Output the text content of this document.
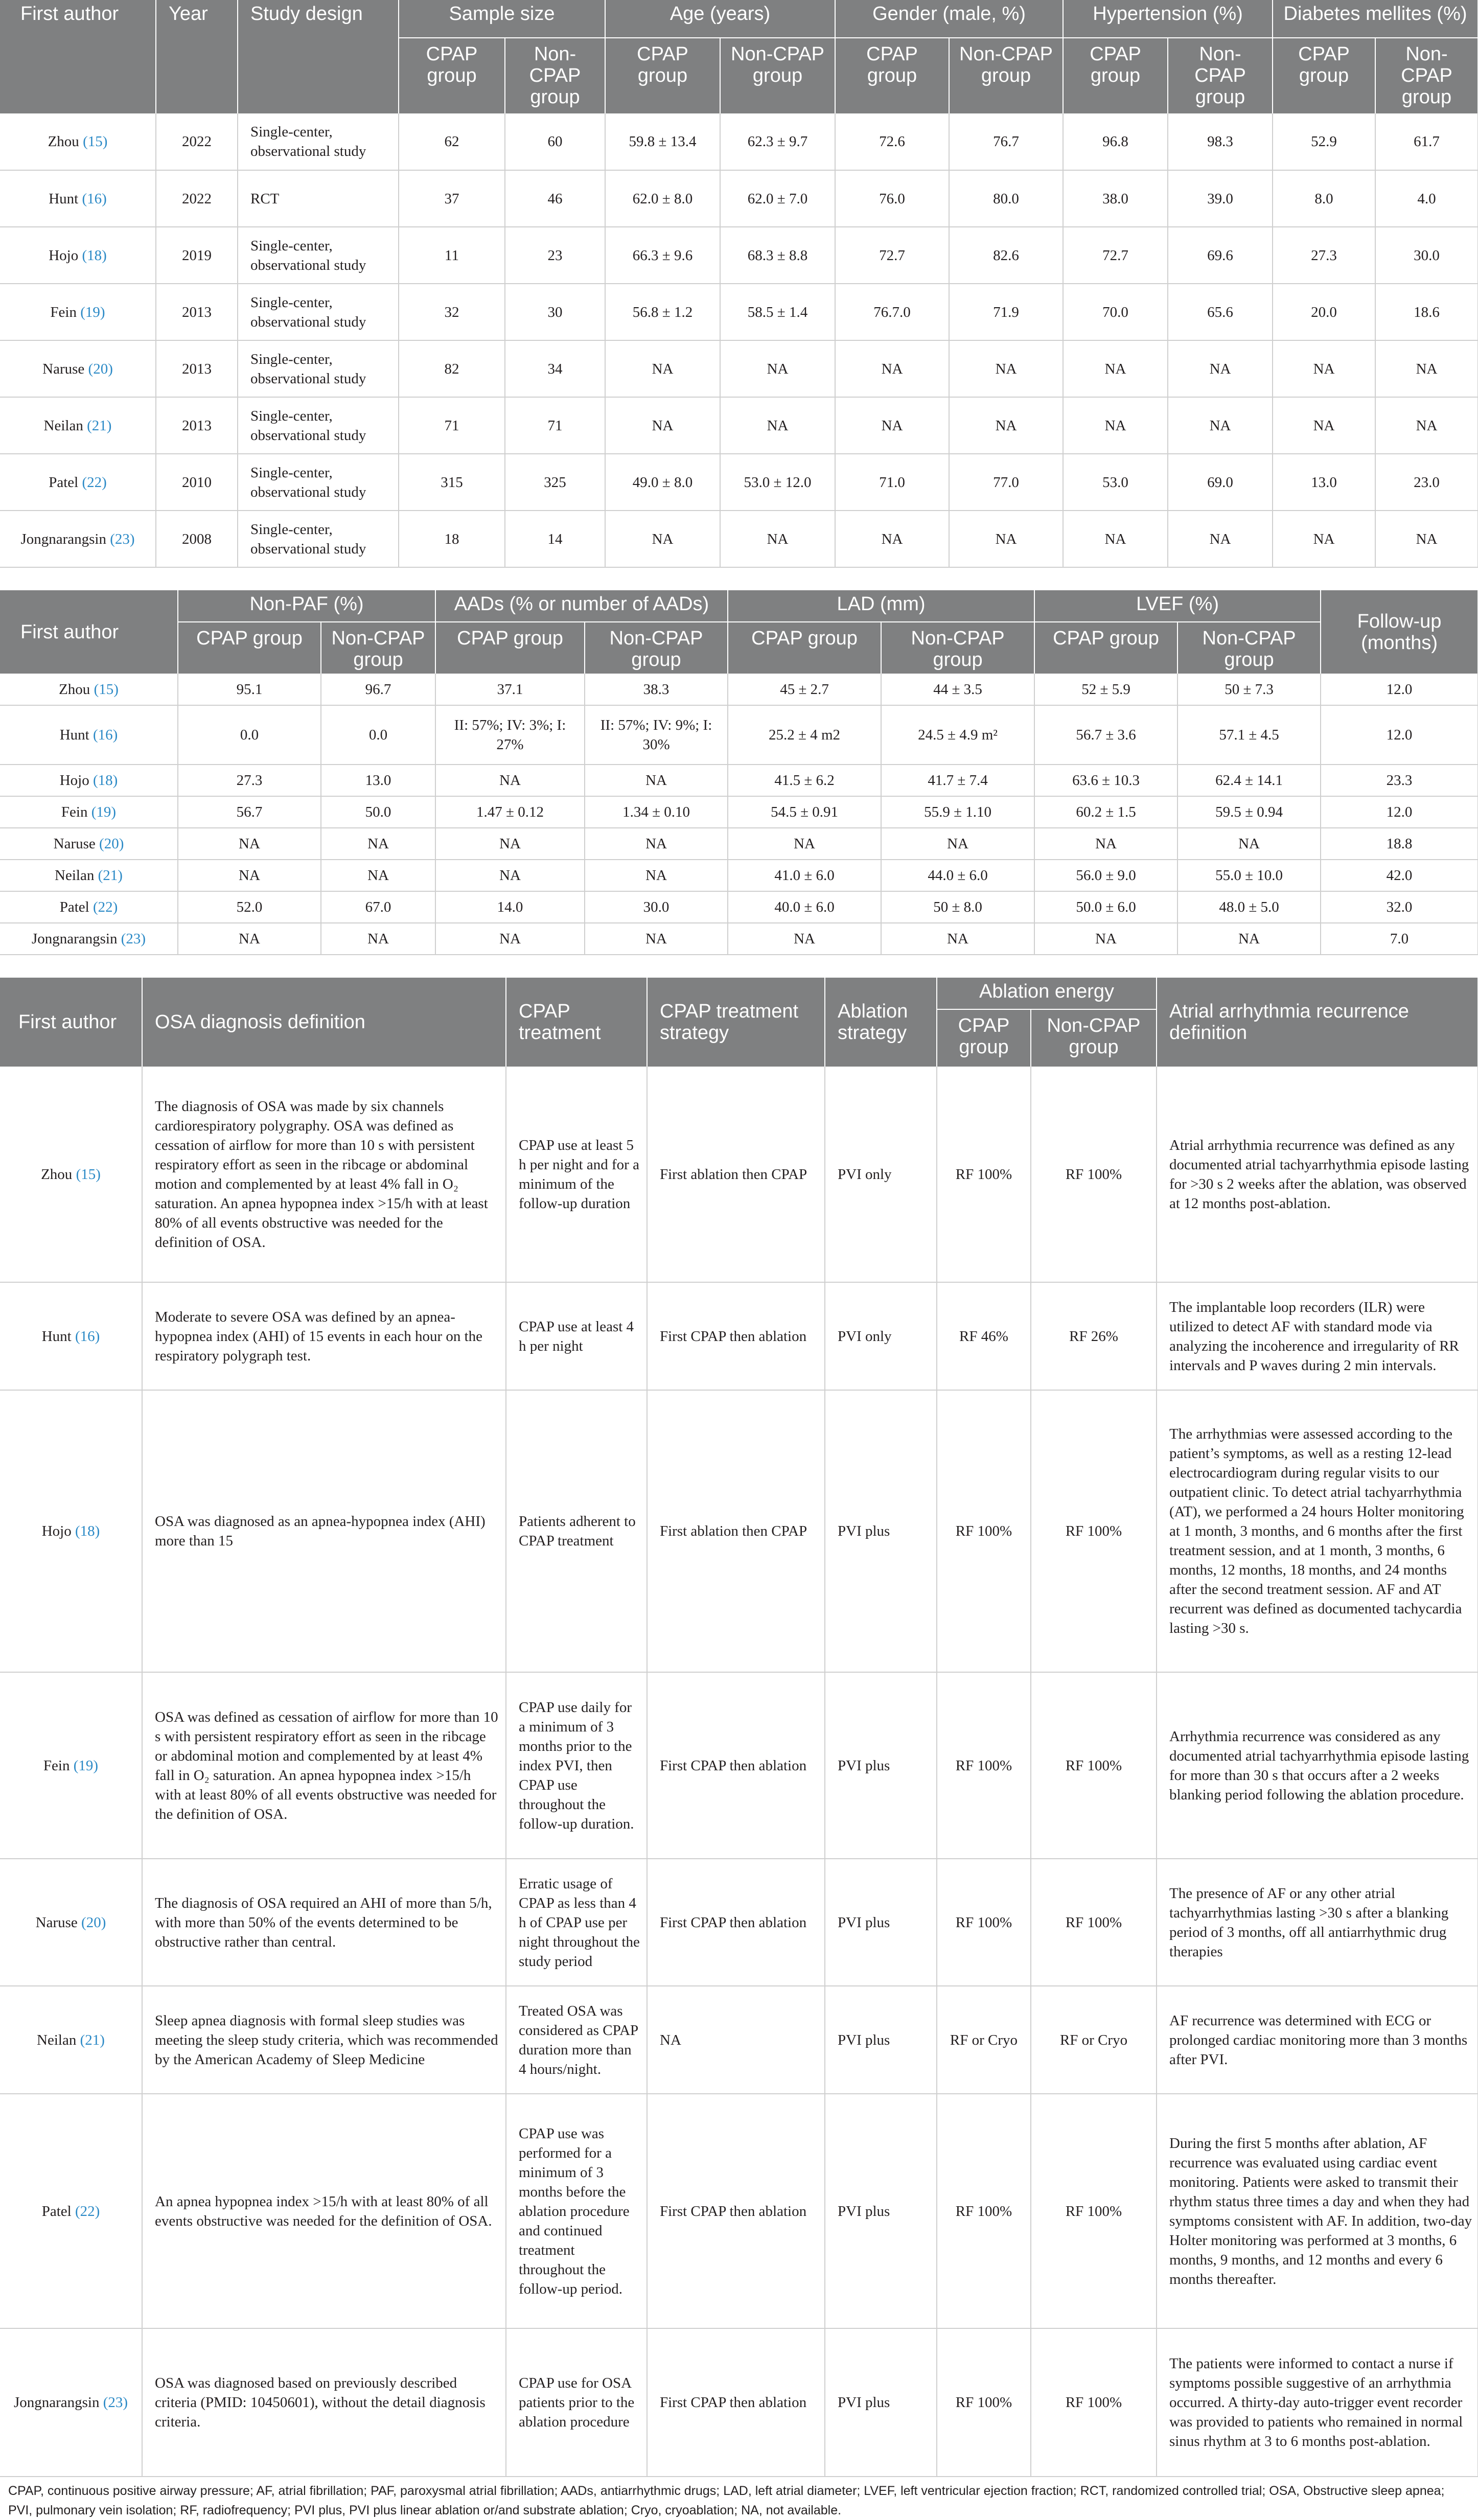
First author	Year	Study design	Sample size		Age (years)		Gender (male, %)		Hypertension (%)		Diabetes mellites (%)	
			CPAP group	Non-CPAP group	CPAP group	Non-CPAP group	CPAP group	Non-CPAP group	CPAP group	Non-CPAP group	CPAP group	Non-CPAP group
Zhou (15)	2022	Single-center, observational study	62	60	59.8 ± 13.4	62.3 ± 9.7	72.6	76.7	96.8	98.3	52.9	61.7
Hunt (16)	2022	RCT	37	46	62.0 ± 8.0	62.0 ± 7.0	76.0	80.0	38.0	39.0	8.0	4.0
Hojo (18)	2019	Single-center, observational study	11	23	66.3 ± 9.6	68.3 ± 8.8	72.7	82.6	72.7	69.6	27.3	30.0
Fein (19)	2013	Single-center, observational study	32	30	56.8 ± 1.2	58.5 ± 1.4	76.7.0	71.9	70.0	65.6	20.0	18.6
Naruse (20)	2013	Single-center, observational study	82	34	NA	NA	NA	NA	NA	NA	NA	NA
Neilan (21)	2013	Single-center, observational study	71	71	NA	NA	NA	NA	NA	NA	NA	NA
Patel (22)	2010	Single-center, observational study	315	325	49.0 ± 8.0	53.0 ± 12.0	71.0	77.0	53.0	69.0	13.0	23.0
Jongnarangsin (23)	2008	Single-center, observational study	18	14	NA	NA	NA	NA	NA	NA	NA	NA
First author	Non-PAF (%)		AADs (% or number of AADs)		LAD (mm)		LVEF (%)		Follow-up (months)
	CPAP group	Non-CPAP group	CPAP group	Non-CPAP group	CPAP group	Non-CPAP group	CPAP group	Non-CPAP group	
Zhou (15)	95.1	96.7	37.1	38.3	45 ± 2.7	44 ± 3.5	52 ± 5.9	50 ± 7.3	12.0
Hunt (16)	0.0	0.0	II: 57%; IV: 3%; I: 27%	II: 57%; IV: 9%; I: 30%	25.2 ± 4 m2	24.5 ± 4.9 m²	56.7 ± 3.6	57.1 ± 4.5	12.0
Hojo (18)	27.3	13.0	NA	NA	41.5 ± 6.2	41.7 ± 7.4	63.6 ± 10.3	62.4 ± 14.1	23.3
Fein (19)	56.7	50.0	1.47 ± 0.12	1.34 ± 0.10	54.5 ± 0.91	55.9 ± 1.10	60.2 ± 1.5	59.5 ± 0.94	12.0
Naruse (20)	NA	NA	NA	NA	NA	NA	NA	NA	18.8
Neilan (21)	NA	NA	NA	NA	41.0 ± 6.0	44.0 ± 6.0	56.0 ± 9.0	55.0 ± 10.0	42.0
Patel (22)	52.0	67.0	14.0	30.0	40.0 ± 6.0	50 ± 8.0	50.0 ± 6.0	48.0 ± 5.0	32.0
Jongnarangsin (23)	NA	NA	NA	NA	NA	NA	NA	NA	7.0
First author	OSA diagnosis definition	CPAP treatment	CPAP treatment strategy	Ablation strategy	Ablation energy		Atrial arrhythmia recurrence definition
					CPAP group	Non-CPAP group	
Zhou (15)	The diagnosis of OSA was made by six channels cardiorespiratory polygraphy. OSA was defined as cessation of airflow for more than 10 s with persistent respiratory effort as seen in the ribcage or abdominal motion and complemented by at least 4% fall in O₂ saturation. An apnea hypopnea index >15/h with at least 80% of all events obstructive was needed for the definition of OSA.	CPAP use at least 5 h per night and for a minimum of the follow-up duration	First ablation then CPAP	PVI only	RF 100%	RF 100%	Atrial arrhythmia recurrence was defined as any documented atrial tachyarrhythmia episode lasting for >30 s 2 weeks after the ablation, was observed at 12 months post-ablation.
Hunt (16)	Moderate to severe OSA was defined by an apnea-hypopnea index (AHI) of 15 events in each hour on the respiratory polygraph test.	CPAP use at least 4 h per night	First CPAP then ablation	PVI only	RF 46%	RF 26%	The implantable loop recorders (ILR) were utilized to detect AF with standard mode via analyzing the incoherence and irregularity of RR intervals and P waves during 2 min intervals.
Hojo (18)	OSA was diagnosed as an apnea-hypopnea index (AHI) more than 15	Patients adherent to CPAP treatment	First ablation then CPAP	PVI plus	RF 100%	RF 100%	The arrhythmias were assessed according to the patient’s symptoms, as well as a resting 12-lead electrocardiogram during regular visits to our outpatient clinic. To detect atrial tachyarrhythmia (AT), we performed a 24 hours Holter monitoring at 1 month, 3 months, and 6 months after the first treatment session, and at 1 month, 3 months, 6 months, 12 months, 18 months, and 24 months after the second treatment session. AF and AT recurrent was defined as documented tachycardia lasting >30 s.
Fein (19)	OSA was defined as cessation of airflow for more than 10 s with persistent respiratory effort as seen in the ribcage or abdominal motion and complemented by at least 4% fall in O₂ saturation. An apnea hypopnea index >15/h with at least 80% of all events obstructive was needed for the definition of OSA.	CPAP use daily for a minimum of 3 months prior to the index PVI, then CPAP use throughout the follow-up duration.	First CPAP then ablation	PVI plus	RF 100%	RF 100%	Arrhythmia recurrence was considered as any documented atrial tachyarrhythmia episode lasting for more than 30 s that occurs after a 2 weeks blanking period following the ablation procedure.
Naruse (20)	The diagnosis of OSA required an AHI of more than 5/h, with more than 50% of the events determined to be obstructive rather than central.	Erratic usage of CPAP as less than 4 h of CPAP use per night throughout the study period	First CPAP then ablation	PVI plus	RF 100%	RF 100%	The presence of AF or any other atrial tachyarrhythmias lasting >30 s after a blanking period of 3 months, off all antiarrhythmic drug therapies
Neilan (21)	Sleep apnea diagnosis with formal sleep studies was meeting the sleep study criteria, which was recommended by the American Academy of Sleep Medicine	Treated OSA was considered as CPAP duration more than 4 hours/night.	NA	PVI plus	RF or Cryo	RF or Cryo	AF recurrence was determined with ECG or prolonged cardiac monitoring more than 3 months after PVI.
Patel (22)	An apnea hypopnea index >15/h with at least 80% of all events obstructive was needed for the definition of OSA.	CPAP use was performed for a minimum of 3 months before the ablation procedure and continued treatment throughout the follow-up period.	First CPAP then ablation	PVI plus	RF 100%	RF 100%	During the first 5 months after ablation, AF recurrence was evaluated using cardiac event monitoring. Patients were asked to transmit their rhythm status three times a day and when they had symptoms consistent with AF. In addition, two-day Holter monitoring was performed at 3 months, 6 months, 9 months, and 12 months and every 6 months thereafter.
Jongnarangsin (23)	OSA was diagnosed based on previously described criteria (PMID: 10450601), without the detail diagnosis criteria.	CPAP use for OSA patients prior to the ablation procedure	First CPAP then ablation	PVI plus	RF 100%	RF 100%	The patients were informed to contact a nurse if symptoms possible suggestive of an arrhythmia occurred. A thirty-day auto-trigger event recorder was provided to patients who remained in normal sinus rhythm at 3 to 6 months post-ablation.
CPAP, continuous positive airway pressure; AF, atrial fibrillation; PAF, paroxysmal atrial fibrillation; AADs, antiarrhythmic drugs; LAD, left atrial diameter; LVEF, left ventricular ejection fraction; RCT, randomized controlled trial; OSA, Obstructive sleep apnea; PVI, pulmonary vein isolation; RF, radiofrequency; PVI plus, PVI plus linear ablation or/and substrate ablation; Cryo, cryoablation; NA, not available.
